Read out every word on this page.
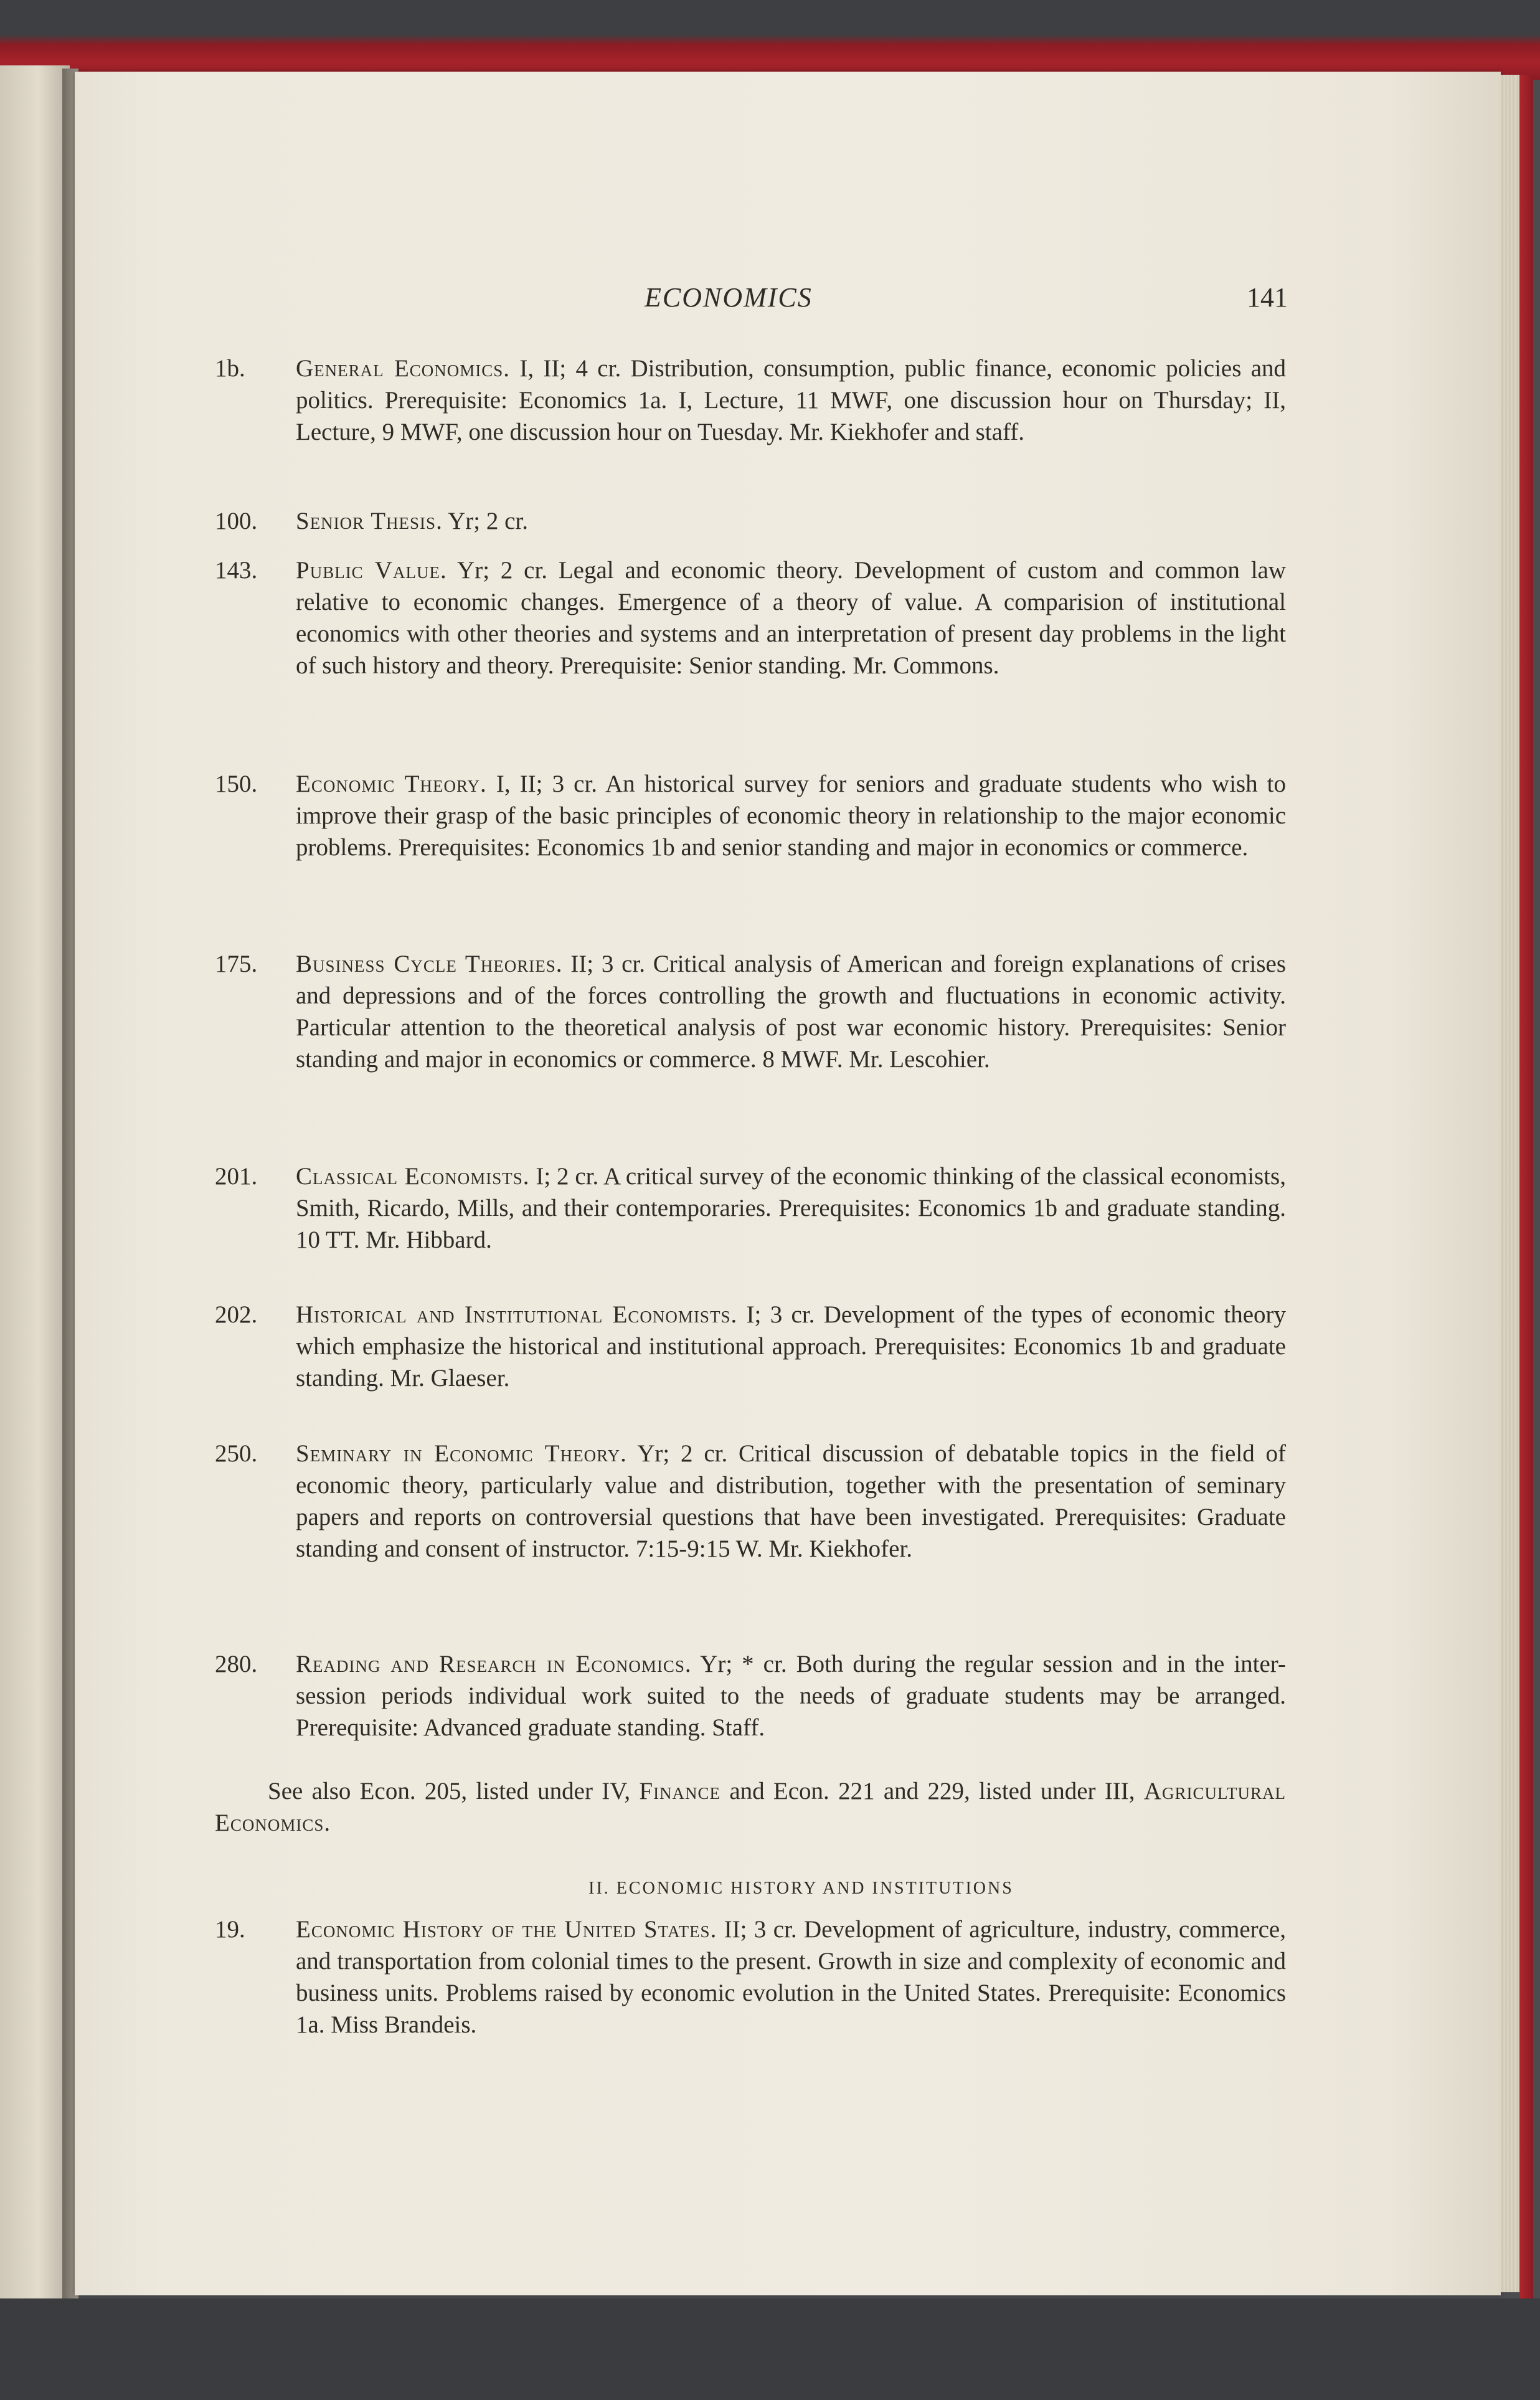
ECONOMICS	141
1b. General Economics. I, II; 4 cr. Distribution, consumption, public finance, economic policies and politics. Prerequisite: Economics 1a. I, Lecture, 11 MWF, one discussion hour on Thursday; II, Lecture, 9 MWF, one discussion hour on Tuesday. Mr. Kiekhofer and staff.
100. Senior Thesis. Yr; 2 cr.
143. Public Value. Yr; 2 cr. Legal and economic theory. Development of custom and common law relative to economic changes. Emergence of a theory of value. A comparision of institutional economics with other theories and systems and an interpretation of present day problems in the light of such history and theory. Prerequisite: Senior standing. Mr. Commons.
150. Economic Theory. I, II; 3 cr. An historical survey for seniors and graduate students who wish to improve their grasp of the basic principles of economic theory in relationship to the major economic problems. Prerequisites: Economics 1b and senior standing and major in economics or commerce.
175. Business Cycle Theories. II; 3 cr. Critical analysis of American and foreign explanations of crises and depressions and of the forces controlling the growth and fluctuations in economic activity. Particular attention to the theoretical analysis of post war economic history. Prerequisites: Senior standing and major in economics or commerce. 8 MWF. Mr. Lescohier.
201. Classical Economists. I; 2 cr. A critical survey of the economic thinking of the classical economists, Smith, Ricardo, Mills, and their contemporaries. Prerequisites: Economics 1b and graduate standing. 10 TT. Mr. Hibbard.
202. Historical and Institutional Economists. I; 3 cr. Development of the types of economic theory which emphasize the historical and institutional approach. Prerequisites: Economics 1b and graduate standing. Mr. Glaeser.
250. Seminary in Economic Theory. Yr; 2 cr. Critical discussion of debatable topics in the field of economic theory, particularly value and distribution, together with the presentation of seminary papers and reports on controversial questions that have been investigated. Prerequisites: Graduate standing and consent of instructor. 7:15-9:15 W. Mr. Kiekhofer.
280. Reading and Research in Economics. Yr; * cr. Both during the regular session and in the inter-session periods individual work suited to the needs of graduate students may be arranged. Prerequisite: Advanced graduate standing. Staff.
See also Econ. 205, listed under IV, Finance and Econ. 221 and 229, listed under III, Agricultural Economics.
II. ECONOMIC HISTORY AND INSTITUTIONS
19. Economic History of the United States. II; 3 cr. Development of agriculture, industry, commerce, and transportation from colonial times to the present. Growth in size and complexity of economic and business units. Problems raised by economic evolution in the United States. Prerequisite: Economics 1a. Miss Brandeis.
